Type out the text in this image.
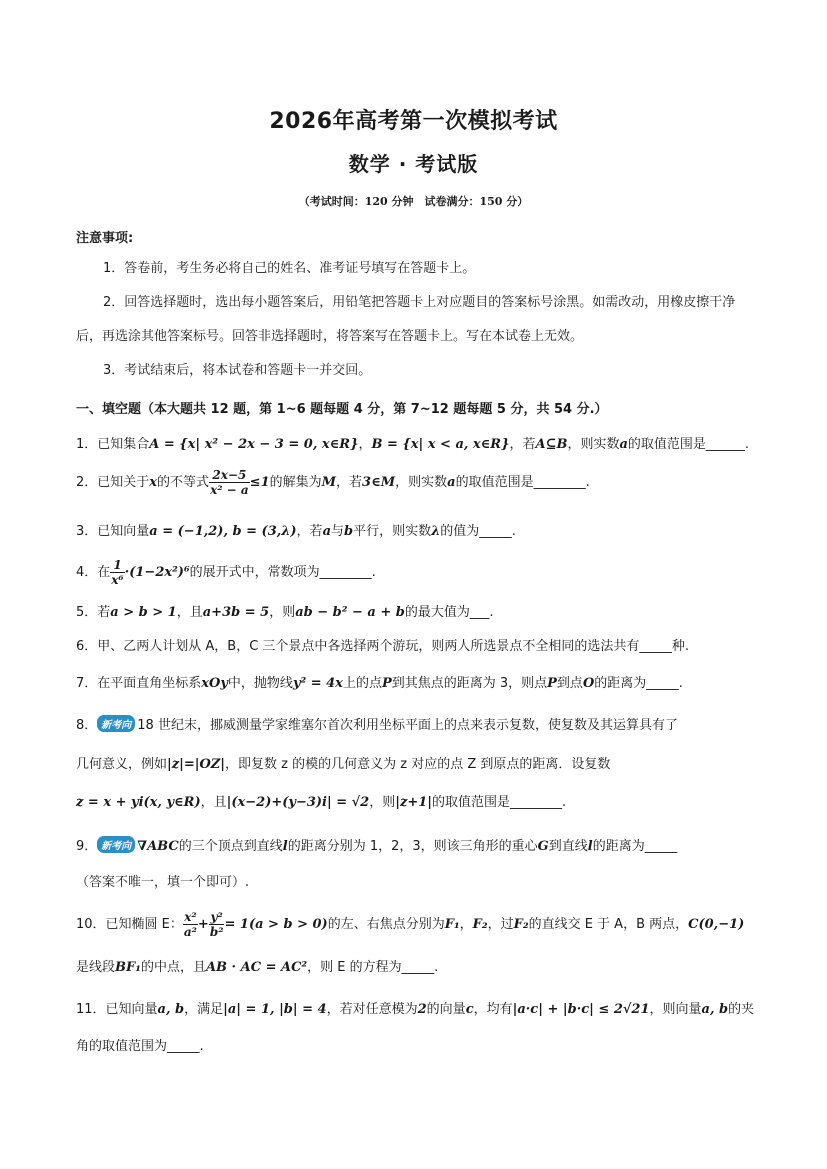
2026年高考第一次模拟考试
数学 · 考试版
（考试时间：120 分钟　试卷满分：150 分）
注意事项:
1．答卷前，考生务必将自己的姓名、准考证号填写在答题卡上。
2．回答选择题时，选出每小题答案后，用铅笔把答题卡上对应题目的答案标号涂黑。如需改动，用橡皮擦干净后，再选涂其他答案标号。回答非选择题时，将答案写在答题卡上。写在本试卷上无效。
3．考试结束后，将本试卷和答题卡一并交回。
一、填空题（本大题共 12 题，第 1~6 题每题 4 分，第 7~12 题每题 5 分，共 54 分.）
1．已知集合A = {x| x² − 2x − 3 = 0, x∈R}，B = {x| x < a, x∈R}，若A⊆B，则实数a的取值范围是______.
2．已知关于x的不等式 $\frac{2x-5}{\text{x² − a}} \le 1$的解集为M，若3∈M，则实数a的取值范围是________.
3．已知向量a = (−1,2), b = (3,λ)，若a与b平行，则实数λ的值为_____.
4．在 $\frac{1}{\text{x⁶}} \cdot(1-2x^2)^6$的展开式中，常数项为________.
5．若a > b > 1，且a+3b = 5，则ab − b² − a + b的最大值为___.
6．甲、乙两人计划从 A，B，C 三个景点中各选择两个游玩，则两人所选景点不全相同的选法共有_____种.
7．在平面直角坐标系xOy中，抛物线y² = 4x上的点P到其焦点的距离为 3，则点P到点O的距离为_____.
8． 新考向 18 世纪末，挪威测量学家维塞尔首次利用坐标平面上的点来表示复数，使复数及其运算具有了
几何意义，例如|z|=|OZ|，即复数 z 的模的几何意义为 z 对应的点 Z 到原点的距离．设复数
z = x + yi(x, y∈R)，且|(x−2)+(y−3)i| = √2，则|z+1|的取值范围是________.
9． 新考向 ∇ABC的三个顶点到直线l的距离分别为 1，2，3，则该三角形的重心G到直线l的距离为_____
（答案不唯一，填一个即可）.
10．已知椭圆 E： $\frac{\text{x²}}{\text{a²}} + \frac{\text{y²}}{\text{b²}} = 1(a > b > 0)$的左、右焦点分别为F₁，F₂，过F₂的直线交 E 于 A，B 两点，C(0,−1)
是线段BF₁的中点，且AB · AC = AC²，则 E 的方程为_____.
11．已知向量a, b，满足|a| = 1, |b| = 4，若对任意模为2的向量c，均有|a·c| + |b·c| ≤ 2√21，则向量a, b的夹
角的取值范围为_____.
